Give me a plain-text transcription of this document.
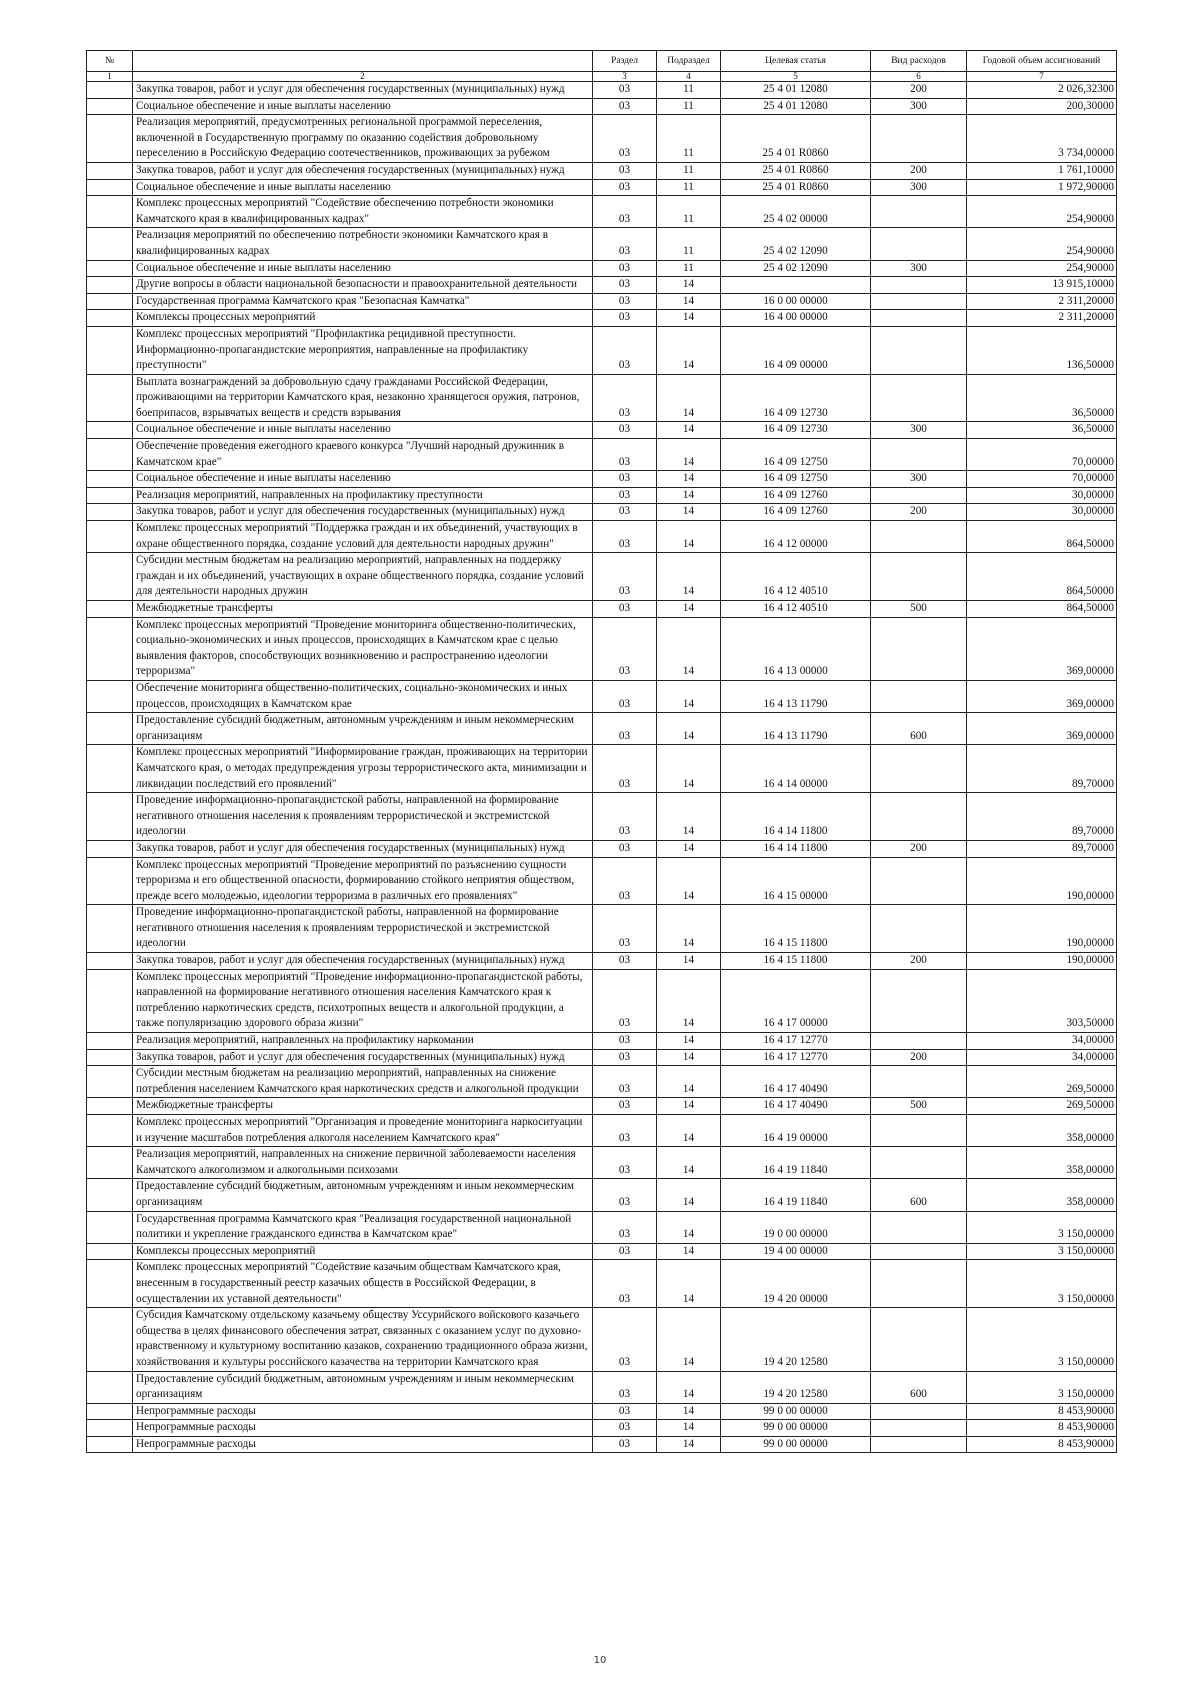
№		Раздел	Подраздел	Целевая статья	Вид расходов	Годовой объем ассигнований
1	2	3	4	5	6	7
	Закупка товаров, работ и услуг для обеспечения государственных (муниципальных) нужд	03	11	25 4 01 12080	200	2 026,32300
	Социальное обеспечение и иные выплаты населению	03	11	25 4 01 12080	300	200,30000
	Реализация мероприятий, предусмотренных региональной программой переселения, включенной в Государственную программу по оказанию содействия добровольному переселению в Российскую Федерацию соотечественников, проживающих за рубежом	03	11	25 4 01 R0860		3 734,00000
	Закупка товаров, работ и услуг для обеспечения государственных (муниципальных) нужд	03	11	25 4 01 R0860	200	1 761,10000
	Социальное обеспечение и иные выплаты населению	03	11	25 4 01 R0860	300	1 972,90000
	Комплекс процессных мероприятий "Содействие обеспечению потребности экономики Камчатского края в квалифицированных кадрах"	03	11	25 4 02 00000		254,90000
	Реализация мероприятий по обеспечению потребности экономики Камчатского края в квалифицированных кадрах	03	11	25 4 02 12090		254,90000
	Социальное обеспечение и иные выплаты населению	03	11	25 4 02 12090	300	254,90000
	Другие вопросы в области национальной безопасности и правоохранительной деятельности	03	14			13 915,10000
	Государственная программа Камчатского края "Безопасная Камчатка"	03	14	16 0 00 00000		2 311,20000
	Комплексы процессных мероприятий	03	14	16 4 00 00000		2 311,20000
	Комплекс процессных мероприятий "Профилактика рецидивной преступности. Информационно-пропагандистские мероприятия, направленные на профилактику преступности"	03	14	16 4 09 00000		136,50000
	Выплата вознаграждений за добровольную сдачу гражданами Российской Федерации, проживающими на территории Камчатского края, незаконно хранящегося оружия, патронов, боеприпасов, взрывчатых веществ и средств взрывания	03	14	16 4 09 12730		36,50000
	Социальное обеспечение и иные выплаты населению	03	14	16 4 09 12730	300	36,50000
	Обеспечение проведения ежегодного краевого конкурса "Лучший народный дружинник в Камчатском крае"	03	14	16 4 09 12750		70,00000
	Социальное обеспечение и иные выплаты населению	03	14	16 4 09 12750	300	70,00000
	Реализация мероприятий, направленных на профилактику преступности	03	14	16 4 09 12760		30,00000
	Закупка товаров, работ и услуг для обеспечения государственных (муниципальных) нужд	03	14	16 4 09 12760	200	30,00000
	Комплекс процессных мероприятий "Поддержка граждан и их объединений, участвующих в охране общественного порядка, создание условий для деятельности народных дружин"	03	14	16 4 12 00000		864,50000
	Субсидии местным бюджетам на реализацию мероприятий, направленных на поддержку граждан и их объединений, участвующих в охране общественного порядка, создание условий для деятельности народных дружин	03	14	16 4 12 40510		864,50000
	Межбюджетные трансферты	03	14	16 4 12 40510	500	864,50000
	Комплекс процессных мероприятий "Проведение мониторинга общественно-политических, социально-экономических и иных процессов, происходящих в Камчатском крае с целью выявления факторов, способствующих возникновению и распространению идеологии терроризма"	03	14	16 4 13 00000		369,00000
	Обеспечение мониторинга общественно-политических, социально-экономических и иных процессов, происходящих в Камчатском крае	03	14	16 4 13 11790		369,00000
	Предоставление субсидий бюджетным, автономным учреждениям и иным некоммерческим организациям	03	14	16 4 13 11790	600	369,00000
	Комплекс процессных мероприятий "Информирование граждан, проживающих на территории Камчатского края, о методах предупреждения угрозы террористического акта, минимизации и ликвидации последствий его проявлений"	03	14	16 4 14 00000		89,70000
	Проведение информационно-пропагандистской работы, направленной на формирование негативного отношения населения к проявлениям террористической и экстремистской идеологии	03	14	16 4 14 11800		89,70000
	Закупка товаров, работ и услуг для обеспечения государственных (муниципальных) нужд	03	14	16 4 14 11800	200	89,70000
	Комплекс процессных мероприятий "Проведение мероприятий по разъяснению сущности терроризма и его общественной опасности, формированию стойкого неприятия обществом, прежде всего молодежью, идеологии терроризма в различных его проявлениях"	03	14	16 4 15 00000		190,00000
	Проведение информационно-пропагандистской работы, направленной на формирование негативного отношения населения к проявлениям террористической и экстремистской идеологии	03	14	16 4 15 11800		190,00000
	Закупка товаров, работ и услуг для обеспечения государственных (муниципальных) нужд	03	14	16 4 15 11800	200	190,00000
	Комплекс процессных мероприятий "Проведение информационно-пропагандистской работы, направленной на формирование негативного отношения населения Камчатского края к потреблению наркотических средств, психотропных веществ и алкогольной продукции, а также популяризацию здорового образа жизни"	03	14	16 4 17 00000		303,50000
	Реализация мероприятий, направленных на профилактику наркомании	03	14	16 4 17 12770		34,00000
	Закупка товаров, работ и услуг для обеспечения государственных (муниципальных) нужд	03	14	16 4 17 12770	200	34,00000
	Субсидии местным бюджетам на реализацию мероприятий, направленных на снижение потребления населением Камчатского края наркотических средств и алкогольной продукции	03	14	16 4 17 40490		269,50000
	Межбюджетные трансферты	03	14	16 4 17 40490	500	269,50000
	Комплекс процессных мероприятий "Организация и проведение мониторинга наркоситуации и изучение масштабов потребления алкоголя населением Камчатского края"	03	14	16 4 19 00000		358,00000
	Реализация мероприятий, направленных на снижение первичной заболеваемости населения Камчатского алкоголизмом и алкогольными психозами	03	14	16 4 19 11840		358,00000
	Предоставление субсидий бюджетным, автономным учреждениям и иным некоммерческим организациям	03	14	16 4 19 11840	600	358,00000
	Государственная программа Камчатского края "Реализация государственной национальной политики и укрепление гражданского единства в Камчатском крае"	03	14	19 0 00 00000		3 150,00000
	Комплексы процессных мероприятий	03	14	19 4 00 00000		3 150,00000
	Комплекс процессных мероприятий "Содействие казачьим обществам Камчатского края, внесенным в государственный реестр казачьих обществ в Российской Федерации, в осуществлении их уставной деятельности"	03	14	19 4 20 00000		3 150,00000
	Субсидия Камчатскому отдельскому казачьему обществу Уссурийского войскового казачьего общества в целях финансового обеспечения затрат, связанных с оказанием услуг по духовно-нравственному и культурному воспитанию казаков, сохранению традиционного образа жизни, хозяйствования и культуры российского казачества на территории Камчатского края	03	14	19 4 20 12580		3 150,00000
	Предоставление субсидий бюджетным, автономным учреждениям и иным некоммерческим организациям	03	14	19 4 20 12580	600	3 150,00000
	Непрограммные расходы	03	14	99 0 00 00000		8 453,90000
	Непрограммные расходы	03	14	99 0 00 00000		8 453,90000
	Непрограммные расходы	03	14	99 0 00 00000		8 453,90000
10
